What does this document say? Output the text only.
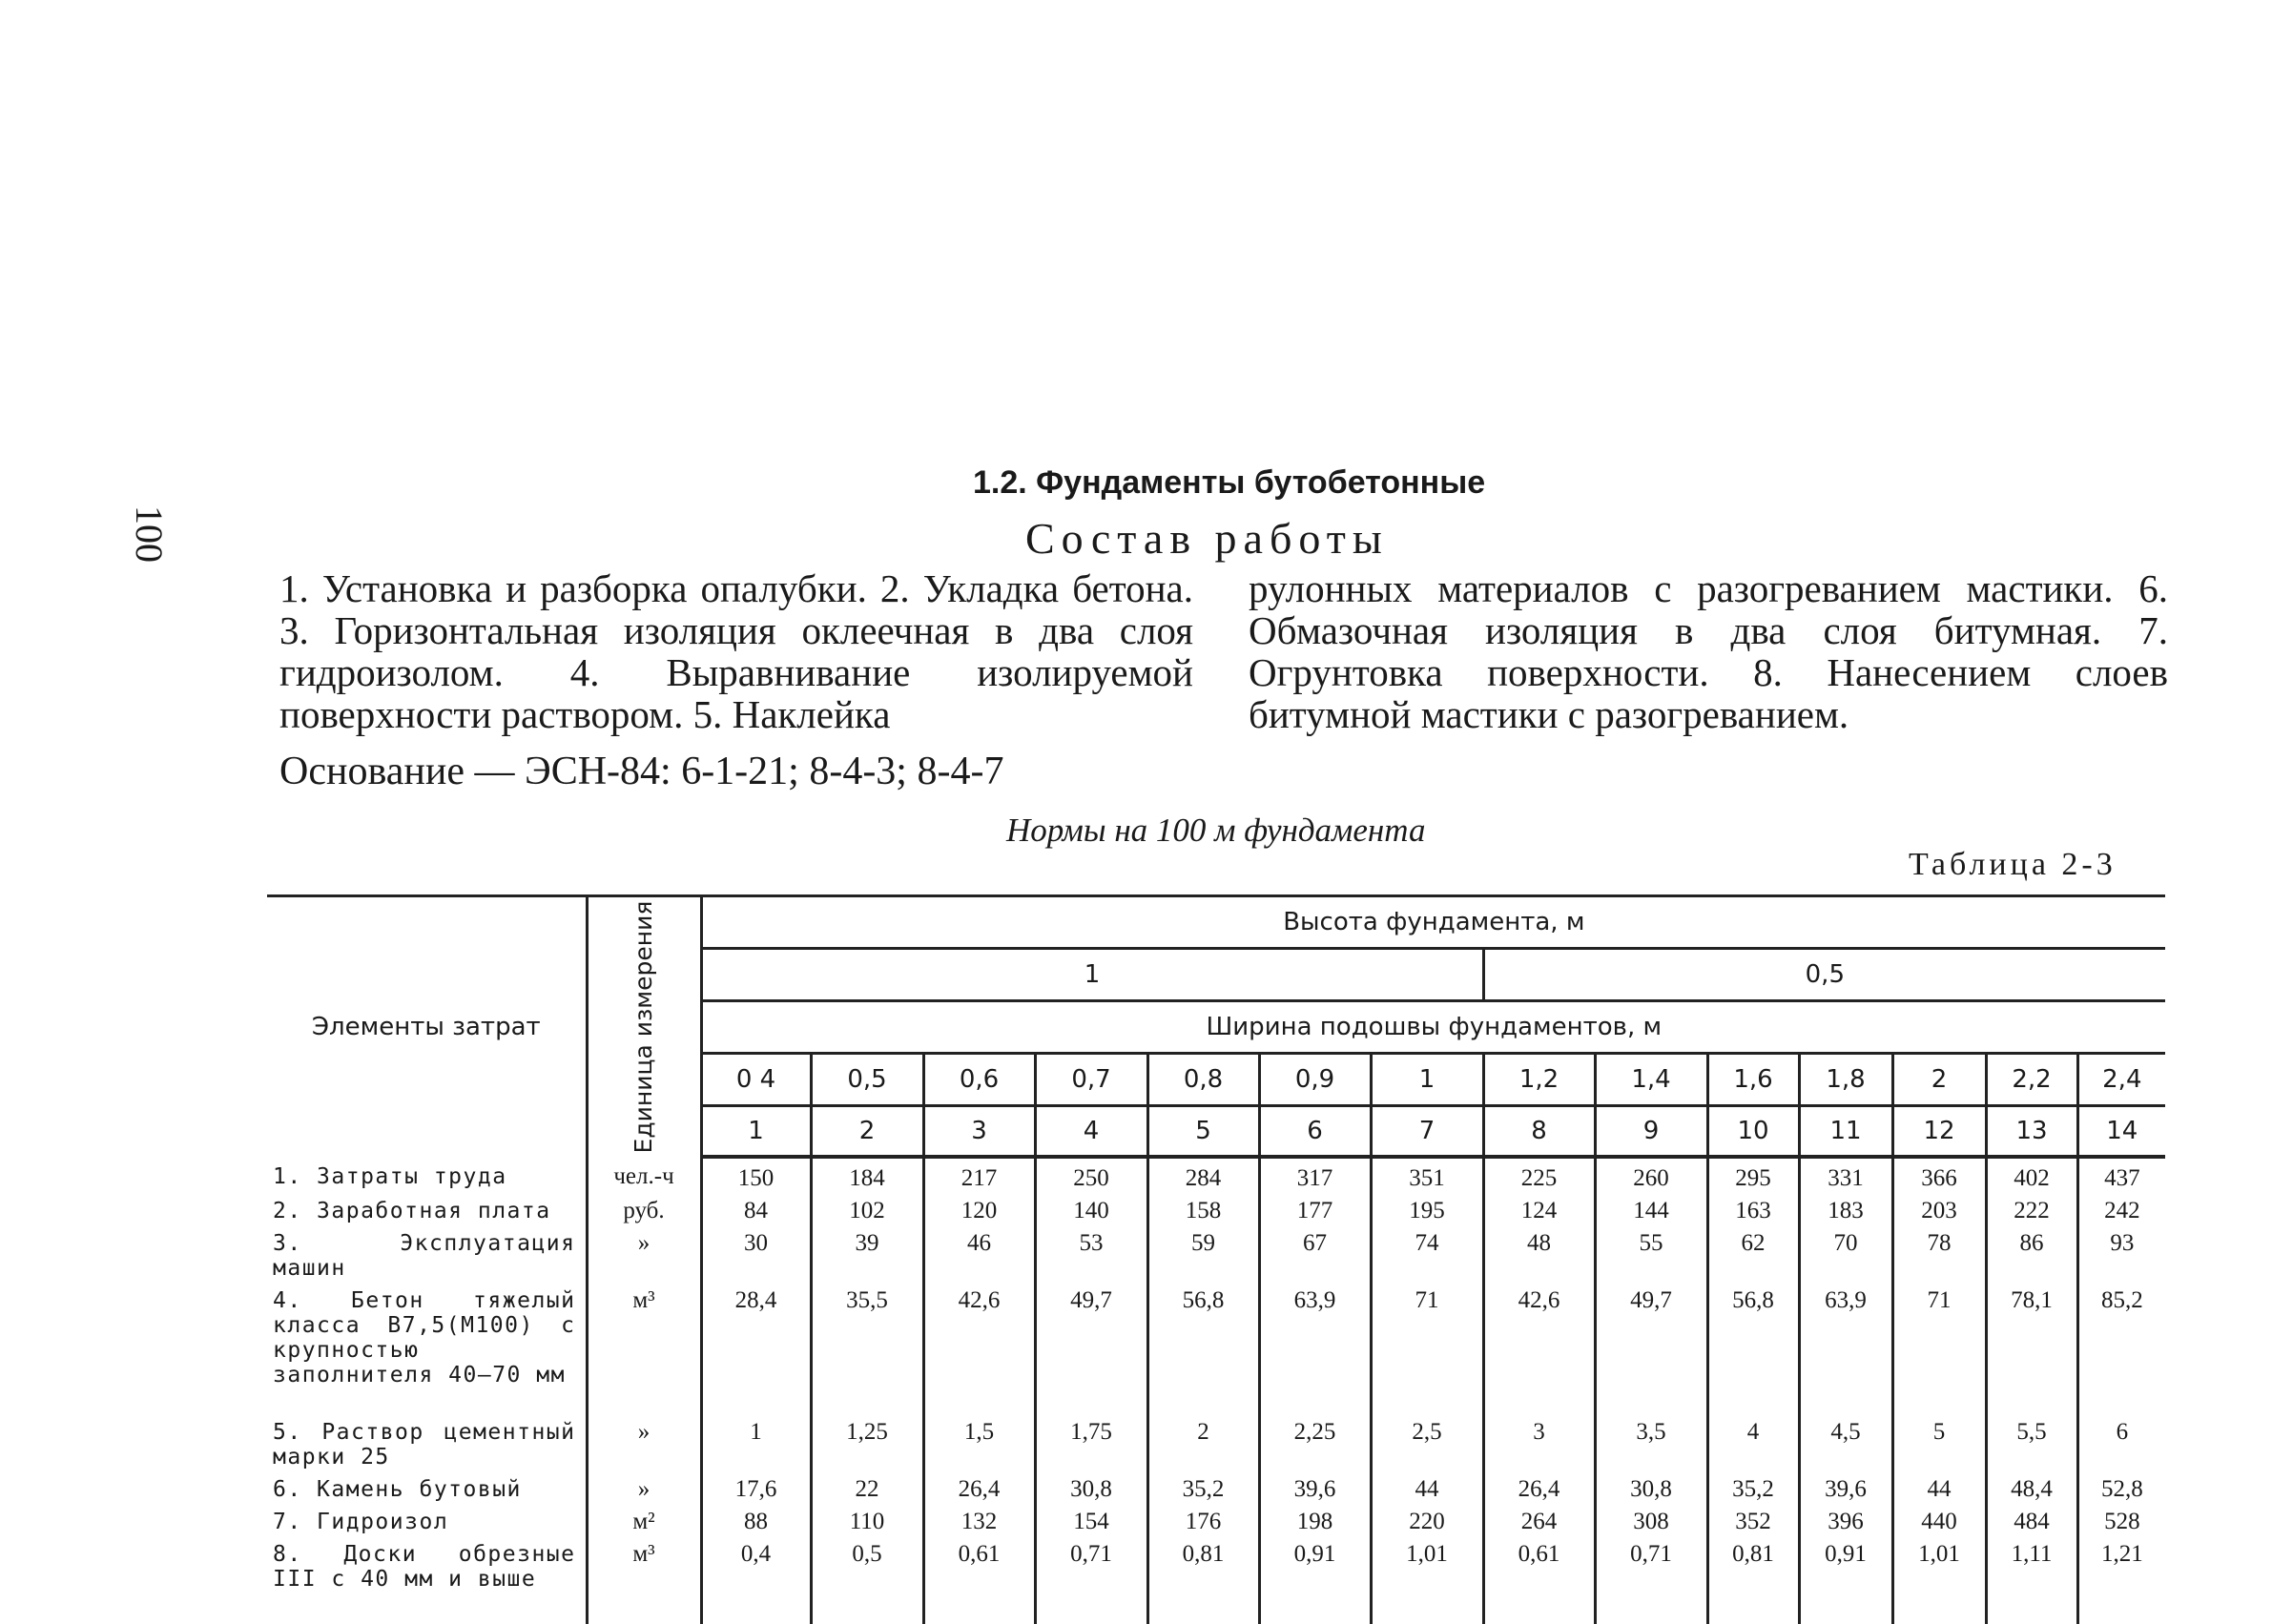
100
1.2. Фундаменты бутобетонные
Состав работы
1. Установка и разборка опалубки. 2. Укладка бетона. 3. Горизонтальная изоляция оклеечная в два слоя гидроизолом. 4. Выравнивание изолируемой поверхности раствором. 5. Наклейка
рулонных материалов с разогреванием мастики. 6. Обмазочная изоляция в два слоя битумная. 7. Огрунтовка поверхности. 8. Нанесением слоев битумной мастики с разогреванием.
Основание — ЭСН-84: 6-1-21; 8-4-3; 8-4-7
Нормы на 100 м фундамента
Таблица 2-3
Элементы затрат	Единица измерения	Высота фундамента, м													
		1							0,5						
		Ширина подошвы фундаментов, м													
		0 4	0,5	0,6	0,7	0,8	0,9	1	1,2	1,4	1,6	1,8	2	2,2	2,4
		1	2	3	4	5	6	7	8	9	10	11	12	13	14
1. Затраты труда	чел.-ч	150	184	217	250	284	317	351	225	260	295	331	366	402	437
2. Заработная плата	руб.	84	102	120	140	158	177	195	124	144	163	183	203	222	242
3. Эксплуатация машин	»	30	39	46	53	59	67	74	48	55	62	70	78	86	93
4. Бетон тяжелый класса В7,5(М100) с крупностью заполнителя 40—70 мм	м³	28,4	35,5	42,6	49,7	56,8	63,9	71	42,6	49,7	56,8	63,9	71	78,1	85,2
5. Раствор цементный марки 25	»	1	1,25	1,5	1,75	2	2,25	2,5	3	3,5	4	4,5	5	5,5	6
6. Камень бутовый	»	17,6	22	26,4	30,8	35,2	39,6	44	26,4	30,8	35,2	39,6	44	48,4	52,8
7. Гидроизол	м²	88	110	132	154	176	198	220	264	308	352	396	440	484	528
8. Доски обрезные III с 40 мм и выше	м³	0,4	0,5	0,61	0,71	0,81	0,91	1,01	0,61	0,71	0,81	0,91	1,01	1,11	1,21
